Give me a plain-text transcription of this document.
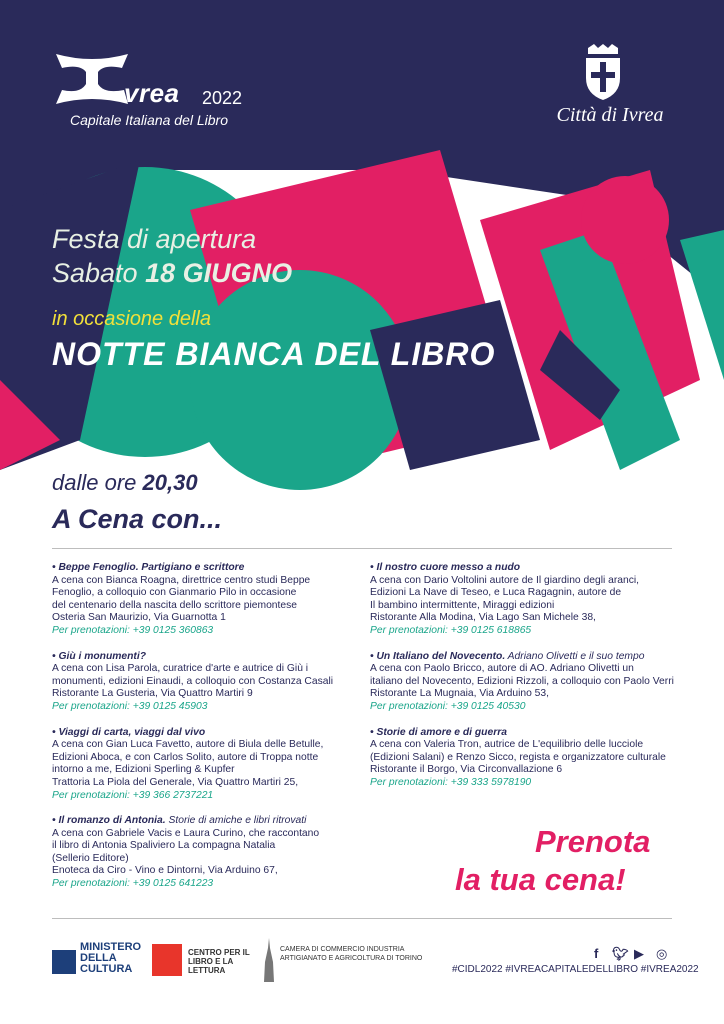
vrea 2022
Capitale Italiana del Libro	Città di Ivrea
Festa di apertura
Sabato 18 GIUGNO
in occasione della
NOTTE BIANCA DEL LIBRO
dalle ore 20,30
A Cena con...
• Beppe Fenoglio. Partigiano e scrittore
A cena con Bianca Roagna, direttrice centro studi Beppe
Fenoglio, a colloquio con Gianmario Pilo in occasione
del centenario della nascita dello scrittore piemontese
Osteria San Maurizio, Via Guarnotta 1
Per prenotazioni: +39 0125 360863
• Giù i monumenti?
A cena con Lisa Parola, curatrice d'arte e autrice di Giù i
monumenti, edizioni Einaudi, a colloquio con Costanza Casali
Ristorante La Gusteria, Via Quattro Martiri 9
Per prenotazioni: +39 0125 45903
• Viaggi di carta, viaggi dal vivo
A cena con Gian Luca Favetto, autore di Biula delle Betulle,
Edizioni Aboca, e con Carlos Solito, autore di Troppa notte
intorno a me, Edizioni Sperling & Kupfer
Trattoria La Piola del Generale, Via Quattro Martiri 25,
Per prenotazioni: +39 366 2737221
• Il romanzo di Antonia. Storie di amiche e libri ritrovati
A cena con Gabriele Vacis e Laura Curino, che raccontano
il libro di Antonia Spaliviero La compagna Natalia
(Sellerio Editore)
Enoteca da Ciro - Vino e Dintorni, Via Arduino 67,
Per prenotazioni: +39 0125 641223
• Il nostro cuore messo a nudo
A cena con Dario Voltolini autore de Il giardino degli aranci,
Edizioni La Nave di Teseo, e Luca Ragagnin, autore de
Il bambino intermittente, Miraggi edizioni
Ristorante Alla Modina, Via Lago San Michele 38,
Per prenotazioni: +39 0125 618865
• Un Italiano del Novecento. Adriano Olivetti e il suo tempo
A cena con Paolo Bricco, autore di AO. Adriano Olivetti un
italiano del Novecento, Edizioni Rizzoli, a colloquio con Paolo Verri
Ristorante La Mugnaia, Via Arduino 53,
Per prenotazioni: +39 0125 40530
• Storie di amore e di guerra
A cena con Valeria Tron, autrice de L'equilibrio delle lucciole
(Edizioni Salani) e Renzo Sicco, regista e organizzatore culturale
Ristorante il Borgo, Via Circonvallazione 6
Per prenotazioni: +39 333 5978190
Prenota
la tua cena!
MINISTERO DELLA CULTURA
CENTRO PER IL LIBRO E LA LETTURA
CAMERA DI COMMERCIO INDUSTRIA ARTIGIANATO E AGRICOLTURA DI TORINO	f 🐦︎ ▶ ◎
#CIDL2022 #IVREACAPITALEDELLIBRO #IVREA2022
